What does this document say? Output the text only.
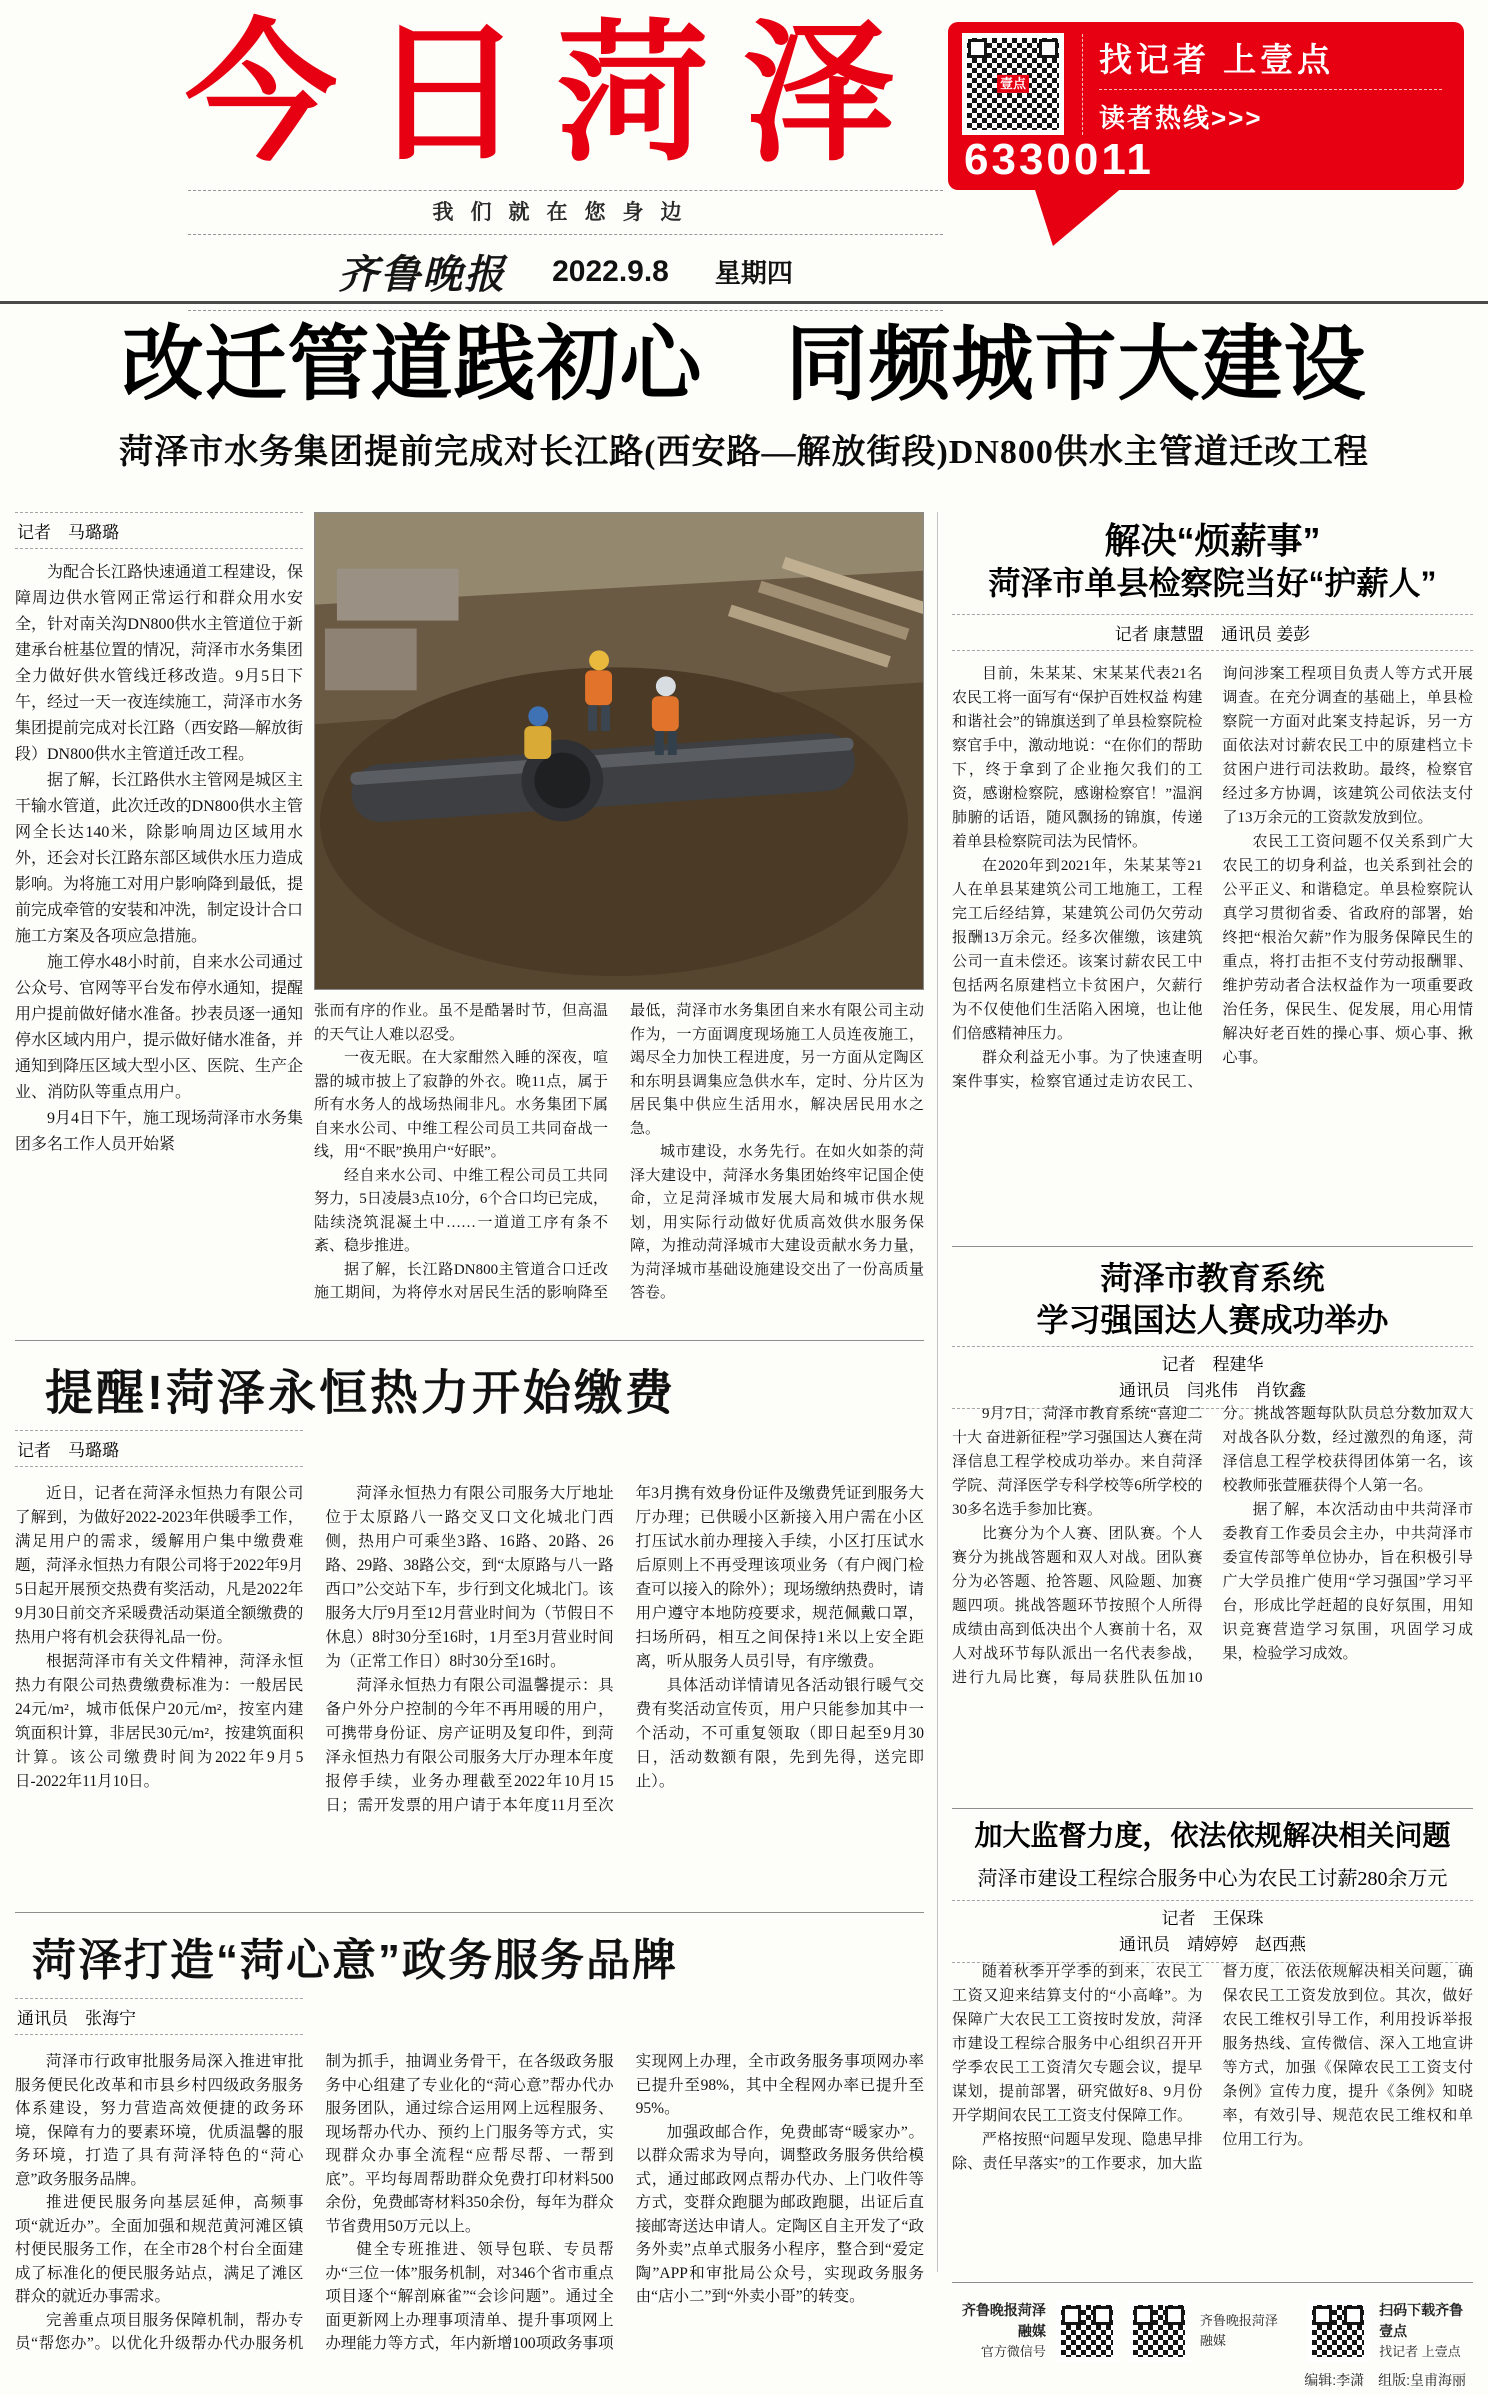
今日菏泽	壹点
找记者 上壹点
读者热线>>>
6330011
我们就在您身边
齐鲁晚报 2022.9.8 星期四
改迁管道践初心　同频城市大建设
菏泽市水务集团提前完成对长江路(西安路—解放街段)DN800供水主管道迁改工程
记者　马璐璐

为配合长江路快速通道工程建设，保障周边供水管网正常运行和群众用水安全，针对南关沟DN800供水主管道位于新建承台桩基位置的情况，菏泽市水务集团全力做好供水管线迁移改造。9月5日下午，经过一天一夜连续施工，菏泽市水务集团提前完成对长江路（西安路—解放街段）DN800供水主管道迁改工程。

据了解，长江路供水主管网是城区主干输水管道，此次迁改的DN800供水主管网全长达140米，除影响周边区域用水外，还会对长江路东部区域供水压力造成影响。为将施工对用户影响降到最低，提前完成牵管的安装和冲洗，制定设计合口施工方案及各项应急措施。

施工停水48小时前，自来水公司通过公众号、官网等平台发布停水通知，提醒用户提前做好储水准备。抄表员逐一通知停水区域内用户，提示做好储水准备，并通知到降压区域大型小区、医院、生产企业、消防队等重点用户。

9月4日下午，施工现场菏泽市水务集团多名工作人员开始紧

张而有序的作业。虽不是酷暑时节，但高温的天气让人难以忍受。

一夜无眠。在大家酣然入睡的深夜，喧嚣的城市披上了寂静的外衣。晚11点，属于所有水务人的战场热闹非凡。水务集团下属自来水公司、中维工程公司员工共同奋战一线，用“不眠”换用户“好眠”。

经自来水公司、中维工程公司员工共同努力，5日凌晨3点10分，6个合口均已完成，陆续浇筑混凝土中……一道道工序有条不紊、稳步推进。

据了解，长江路DN800主管道合口迁改施工期间，为将停水对居民生活的影响降至最低，菏泽市水务集团自来水有限公司主动作为，一方面调度现场施工人员连夜施工，竭尽全力加快工程进度，另一方面从定陶区和东明县调集应急供水车，定时、分片区为居民集中供应生活用水，解决居民用水之急。

城市建设，水务先行。在如火如荼的菏泽大建设中，菏泽水务集团始终牢记国企使命，立足菏泽城市发展大局和城市供水规划，用实际行动做好优质高效供水服务保障，为推动菏泽城市大建设贡献水务力量，为菏泽城市基础设施建设交出了一份高质量答卷。

提醒!菏泽永恒热力开始缴费
记者　马璐璐

近日，记者在菏泽永恒热力有限公司了解到，为做好2022-2023年供暖季工作，满足用户的需求，缓解用户集中缴费难题，菏泽永恒热力有限公司将于2022年9月5日起开展预交热费有奖活动，凡是2022年9月30日前交齐采暖费活动渠道全额缴费的热用户将有机会获得礼品一份。

根据菏泽市有关文件精神，菏泽永恒热力有限公司热费缴费标准为：一般居民24元/m²，城市低保户20元/m²，按室内建筑面积计算，非居民30元/m²，按建筑面积计算。该公司缴费时间为2022年9月5日-2022年11月10日。

菏泽永恒热力有限公司服务大厅地址位于太原路八一路交叉口文化城北门西侧，热用户可乘坐3路、16路、20路、26路、29路、38路公交，到“太原路与八一路西口”公交站下车，步行到文化城北门。该服务大厅9月至12月营业时间为（节假日不休息）8时30分至16时，1月至3月营业时间为（正常工作日）8时30分至16时。

菏泽永恒热力有限公司温馨提示：具备户外分户控制的今年不再用暖的用户，可携带身份证、房产证明及复印件，到菏泽永恒热力有限公司服务大厅办理本年度报停手续，业务办理截至2022年10月15日；需开发票的用户请于本年度11月至次年3月携有效身份证件及缴费凭证到服务大厅办理；已供暖小区新接入用户需在小区打压试水前办理接入手续，小区打压试水后原则上不再受理该项业务（有户阀门检查可以接入的除外）；现场缴纳热费时，请用户遵守本地防疫要求，规范佩戴口罩，扫场所码，相互之间保持1米以上安全距离，听从服务人员引导，有序缴费。

具体活动详情请见各活动银行暖气交费有奖活动宣传页，用户只能参加其中一个活动，不可重复领取（即日起至9月30日，活动数额有限，先到先得，送完即止）。

菏泽打造“菏心意”政务服务品牌
通讯员　张海宁

菏泽市行政审批服务局深入推进审批服务便民化改革和市县乡村四级政务服务体系建设，努力营造高效便捷的政务环境，保障有力的要素环境，优质温馨的服务环境，打造了具有菏泽特色的“菏心意”政务服务品牌。

推进便民服务向基层延伸，高频事项“就近办”。全面加强和规范黄河滩区镇村便民服务工作，在全市28个村台全面建成了标准化的便民服务站点，满足了滩区群众的就近办事需求。

完善重点项目服务保障机制，帮办专员“帮您办”。以优化升级帮办代办服务机制为抓手，抽调业务骨干，在各级政务服务中心组建了专业化的“菏心意”帮办代办服务团队，通过综合运用网上远程服务、现场帮办代办、预约上门服务等方式，实现群众办事全流程“应帮尽帮、一帮到底”。平均每周帮助群众免费打印材料500余份，免费邮寄材料350余份，每年为群众节省费用50万元以上。

健全专班推进、领导包联、专员帮办“三位一体”服务机制，对346个省市重点项目逐个“解剖麻雀”“会诊问题”。通过全面更新网上办理事项清单、提升事项网上办理能力等方式，年内新增100项政务事项实现网上办理，全市政务服务事项网办率已提升至98%，其中全程网办率已提升至95%。

加强政邮合作，免费邮寄“暖家办”。以群众需求为导向，调整政务服务供给模式，通过邮政网点帮办代办、上门收件等方式，变群众跑腿为邮政跑腿，出证后直接邮寄送达申请人。定陶区自主开发了“政务外卖”点单式服务小程序，整合到“爱定陶”APP和审批局公众号，实现政务服务由“店小二”到“外卖小哥”的转变。

解决“烦薪事”
菏泽市单县检察院当好“护薪人”
记者 康慧盟　通讯员 姜彭

目前，朱某某、宋某某代表21名农民工将一面写有“保护百姓权益 构建和谐社会”的锦旗送到了单县检察院检察官手中，激动地说：“在你们的帮助下，终于拿到了企业拖欠我们的工资，感谢检察院，感谢检察官！”温润肺腑的话语，随风飘扬的锦旗，传递着单县检察院司法为民情怀。

在2020年到2021年，朱某某等21人在单县某建筑公司工地施工，工程完工后经结算，某建筑公司仍欠劳动报酬13万余元。经多次催缴，该建筑公司一直未偿还。该案讨薪农民工中包括两名原建档立卡贫困户，欠薪行为不仅使他们生活陷入困境，也让他们倍感精神压力。

群众利益无小事。为了快速查明案件事实，检察官通过走访农民工、询问涉案工程项目负责人等方式开展调查。在充分调查的基础上，单县检察院一方面对此案支持起诉，另一方面依法对讨薪农民工中的原建档立卡贫困户进行司法救助。最终，检察官经过多方协调，该建筑公司依法支付了13万余元的工资款发放到位。

农民工工资问题不仅关系到广大农民工的切身利益，也关系到社会的公平正义、和谐稳定。单县检察院认真学习贯彻省委、省政府的部署，始终把“根治欠薪”作为服务保障民生的重点，将打击拒不支付劳动报酬罪、维护劳动者合法权益作为一项重要政治任务，保民生、促发展，用心用情解决好老百姓的操心事、烦心事、揪心事。

菏泽市教育系统
学习强国达人赛成功举办
记者　程建华
通讯员　闫兆伟　肖钦鑫

9月7日，菏泽市教育系统“喜迎二十大 奋进新征程”学习强国达人赛在菏泽信息工程学校成功举办。来自菏泽学院、菏泽医学专科学校等6所学校的30多名选手参加比赛。

比赛分为个人赛、团队赛。个人赛分为挑战答题和双人对战。团队赛分为必答题、抢答题、风险题、加赛题四项。挑战答题环节按照个人所得成绩由高到低决出个人赛前十名，双人对战环节每队派出一名代表参战，进行九局比赛，每局获胜队伍加10分。挑战答题每队队员总分数加双人对战各队分数，经过激烈的角逐，菏泽信息工程学校获得团体第一名，该校教师张萱雁获得个人第一名。

据了解，本次活动由中共菏泽市委教育工作委员会主办，中共菏泽市委宣传部等单位协办，旨在积极引导广大学员推广使用“学习强国”学习平台，形成比学赶超的良好氛围，用知识竞赛营造学习氛围，巩固学习成果，检验学习成效。

加大监督力度，依法依规解决相关问题
菏泽市建设工程综合服务中心为农民工讨薪280余万元
记者　王保珠
通讯员　靖婷婷　赵西燕

随着秋季开学季的到来，农民工工资又迎来结算支付的“小高峰”。为保障广大农民工工资按时发放，菏泽市建设工程综合服务中心组织召开开学季农民工工资清欠专题会议，提早谋划，提前部署，研究做好8、9月份开学期间农民工工资支付保障工作。

严格按照“问题早发现、隐患早排除、责任早落实”的工作要求，加大监督力度，依法依规解决相关问题，确保农民工工资发放到位。其次，做好农民工维权引导工作，利用投诉举报服务热线、宣传微信、深入工地宣讲等方式，加强《保障农民工工资支付条例》宣传力度，提升《条例》知晓率，有效引导、规范农民工维权和单位用工行为。

齐鲁晚报菏泽融媒
官方微信号
齐鲁晚报菏泽融媒
扫码下载齐鲁壹点
找记者 上壹点
编辑:李潇　组版:皇甫海丽
